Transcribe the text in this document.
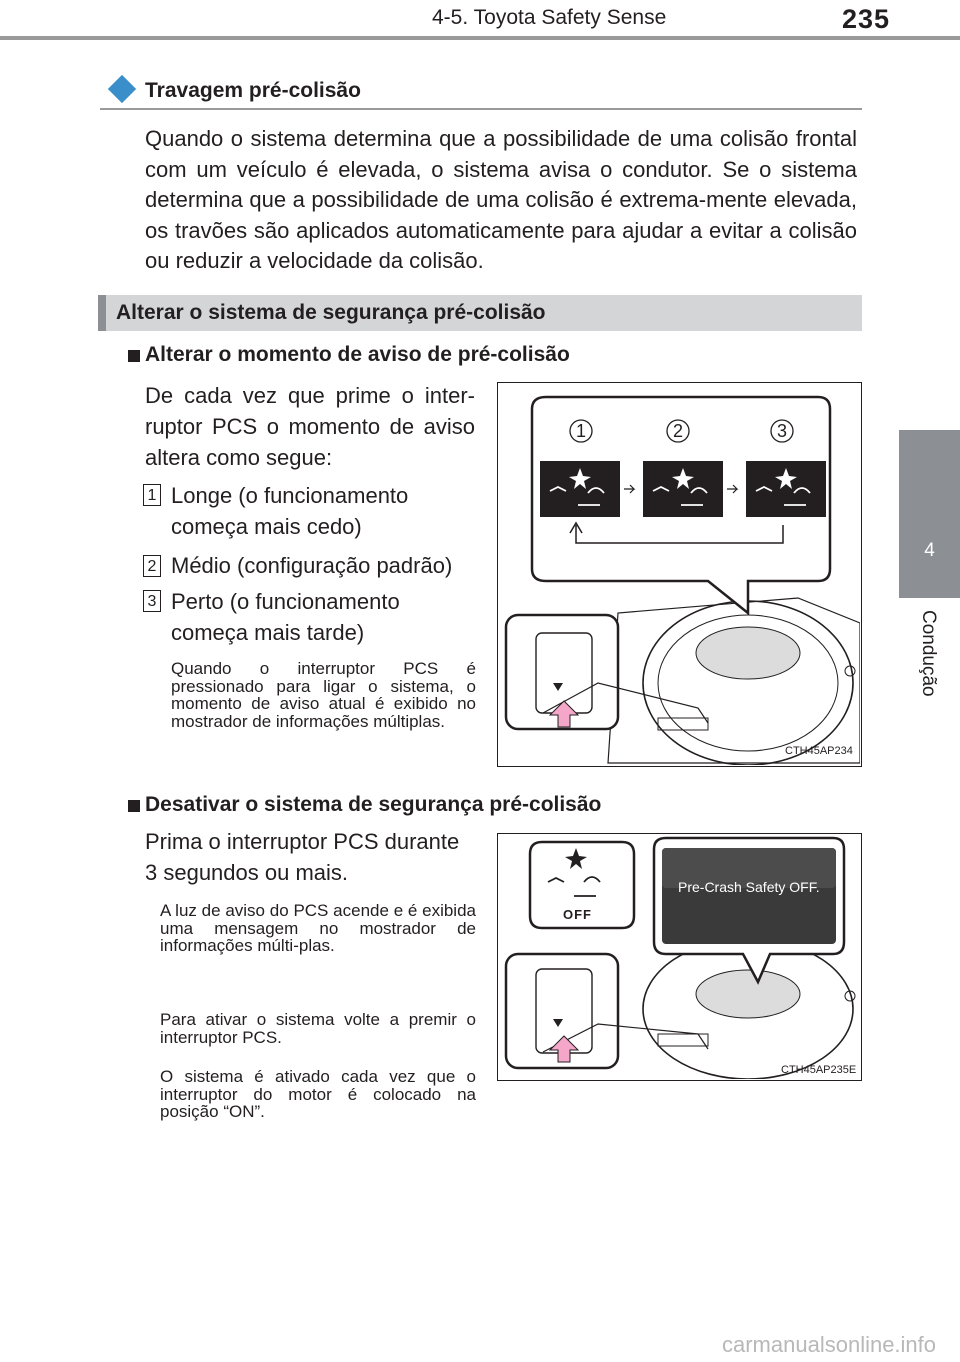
4-5. Toyota Safety Sense	235
4
Condução
Travagem pré-colisão
Quando o sistema determina que a possibilidade de uma colisão frontal com um veículo é elevada, o sistema avisa o condutor. Se o sistema determina que a possibilidade de uma colisão é extrema-mente elevada, os travões são aplicados automaticamente para ajudar a evitar a colisão ou reduzir a velocidade da colisão.
Alterar o sistema de segurança pré-colisão
Alterar o momento de aviso de pré-colisão
De cada vez que prime o inter-ruptor PCS o momento de aviso altera como segue:
1 Longe (o funcionamento começa mais cedo)
2 Médio (configuração padrão)
3 Perto (o funcionamento começa mais tarde)
Quando o interruptor PCS é pressionado para ligar o sistema, o momento de aviso atual é exibido no mostrador de informações múltiplas.
1	2	3
CTH45AP234
Desativar o sistema de segurança pré-colisão
Prima o interruptor PCS durante 3 segundos ou mais.
A luz de aviso do PCS acende e é exibida uma mensagem no mostrador de informações múlti-plas.
Para ativar o sistema volte a premir o interruptor PCS.
O sistema é ativado cada vez que o interruptor do motor é colocado na posição “ON”.
OFF
Pre-Crash Safety OFF.
CTH45AP235E
carmanualsonline.info
